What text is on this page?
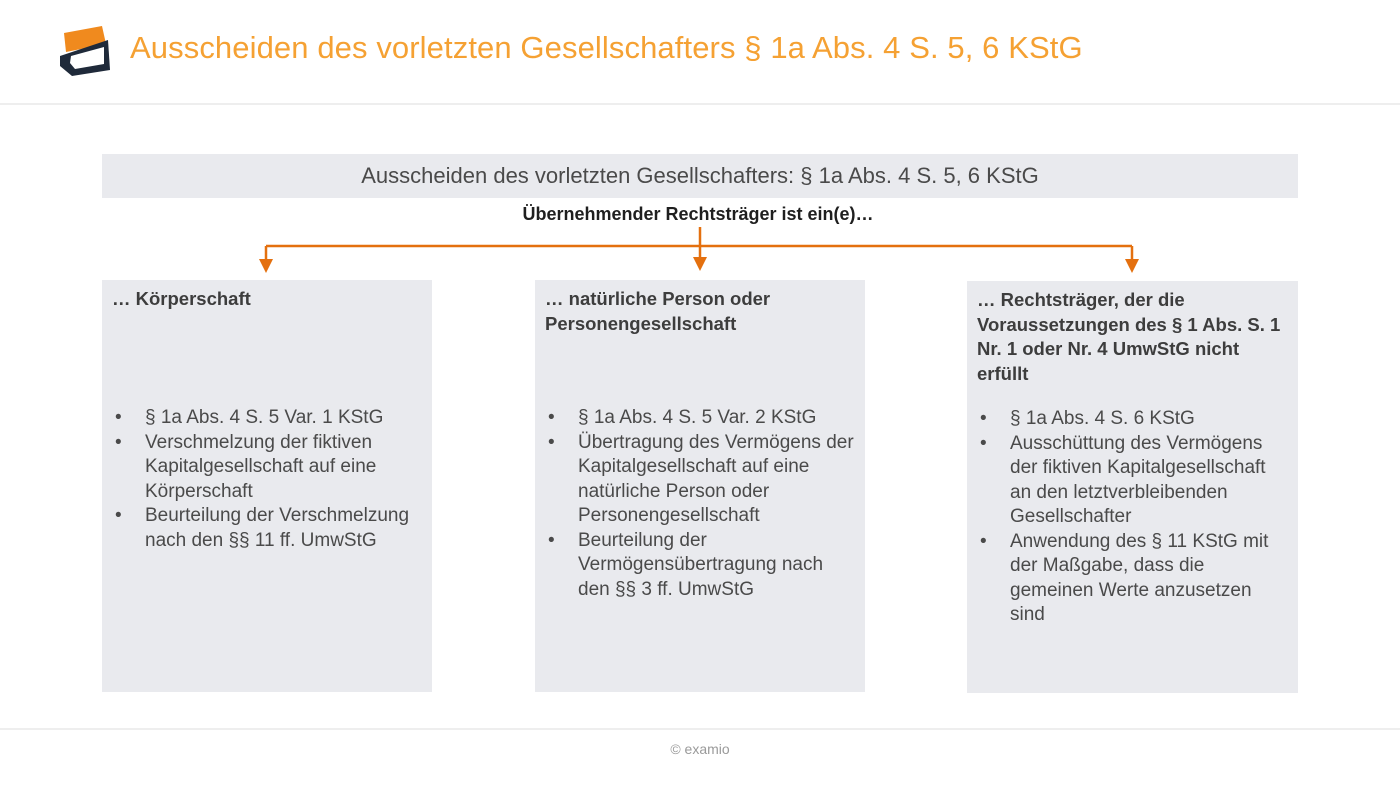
Ausscheiden des vorletzten Gesellschafters § 1a Abs. 4 S. 5, 6 KStG
Ausscheiden des vorletzten Gesellschafters: § 1a Abs. 4 S. 5, 6 KStG
Übernehmender Rechtsträger ist ein(e)…
… Körperschaft
• § 1a Abs. 4 S. 5 Var. 1 KStG
• Verschmelzung der fiktiven Kapitalgesellschaft auf eine Körperschaft
• Beurteilung der Verschmelzung nach den §§ 11 ff. UmwStG
… natürliche Person oder Personengesellschaft
• § 1a Abs. 4 S. 5 Var. 2 KStG
• Übertragung des Vermögens der Kapitalgesellschaft auf eine natürliche Person oder Personengesellschaft
• Beurteilung der Vermögensübertragung nach den §§ 3 ff. UmwStG
… Rechtsträger, der die Voraussetzungen des § 1 Abs. S. 1 Nr. 1 oder Nr. 4 UmwStG nicht erfüllt
• § 1a Abs. 4 S. 6 KStG
• Ausschüttung des Vermögens der fiktiven Kapitalgesellschaft an den letztverbleibenden Gesellschafter
• Anwendung des § 11 KStG mit der Maßgabe, dass die gemeinen Werte anzusetzen sind
© examio
